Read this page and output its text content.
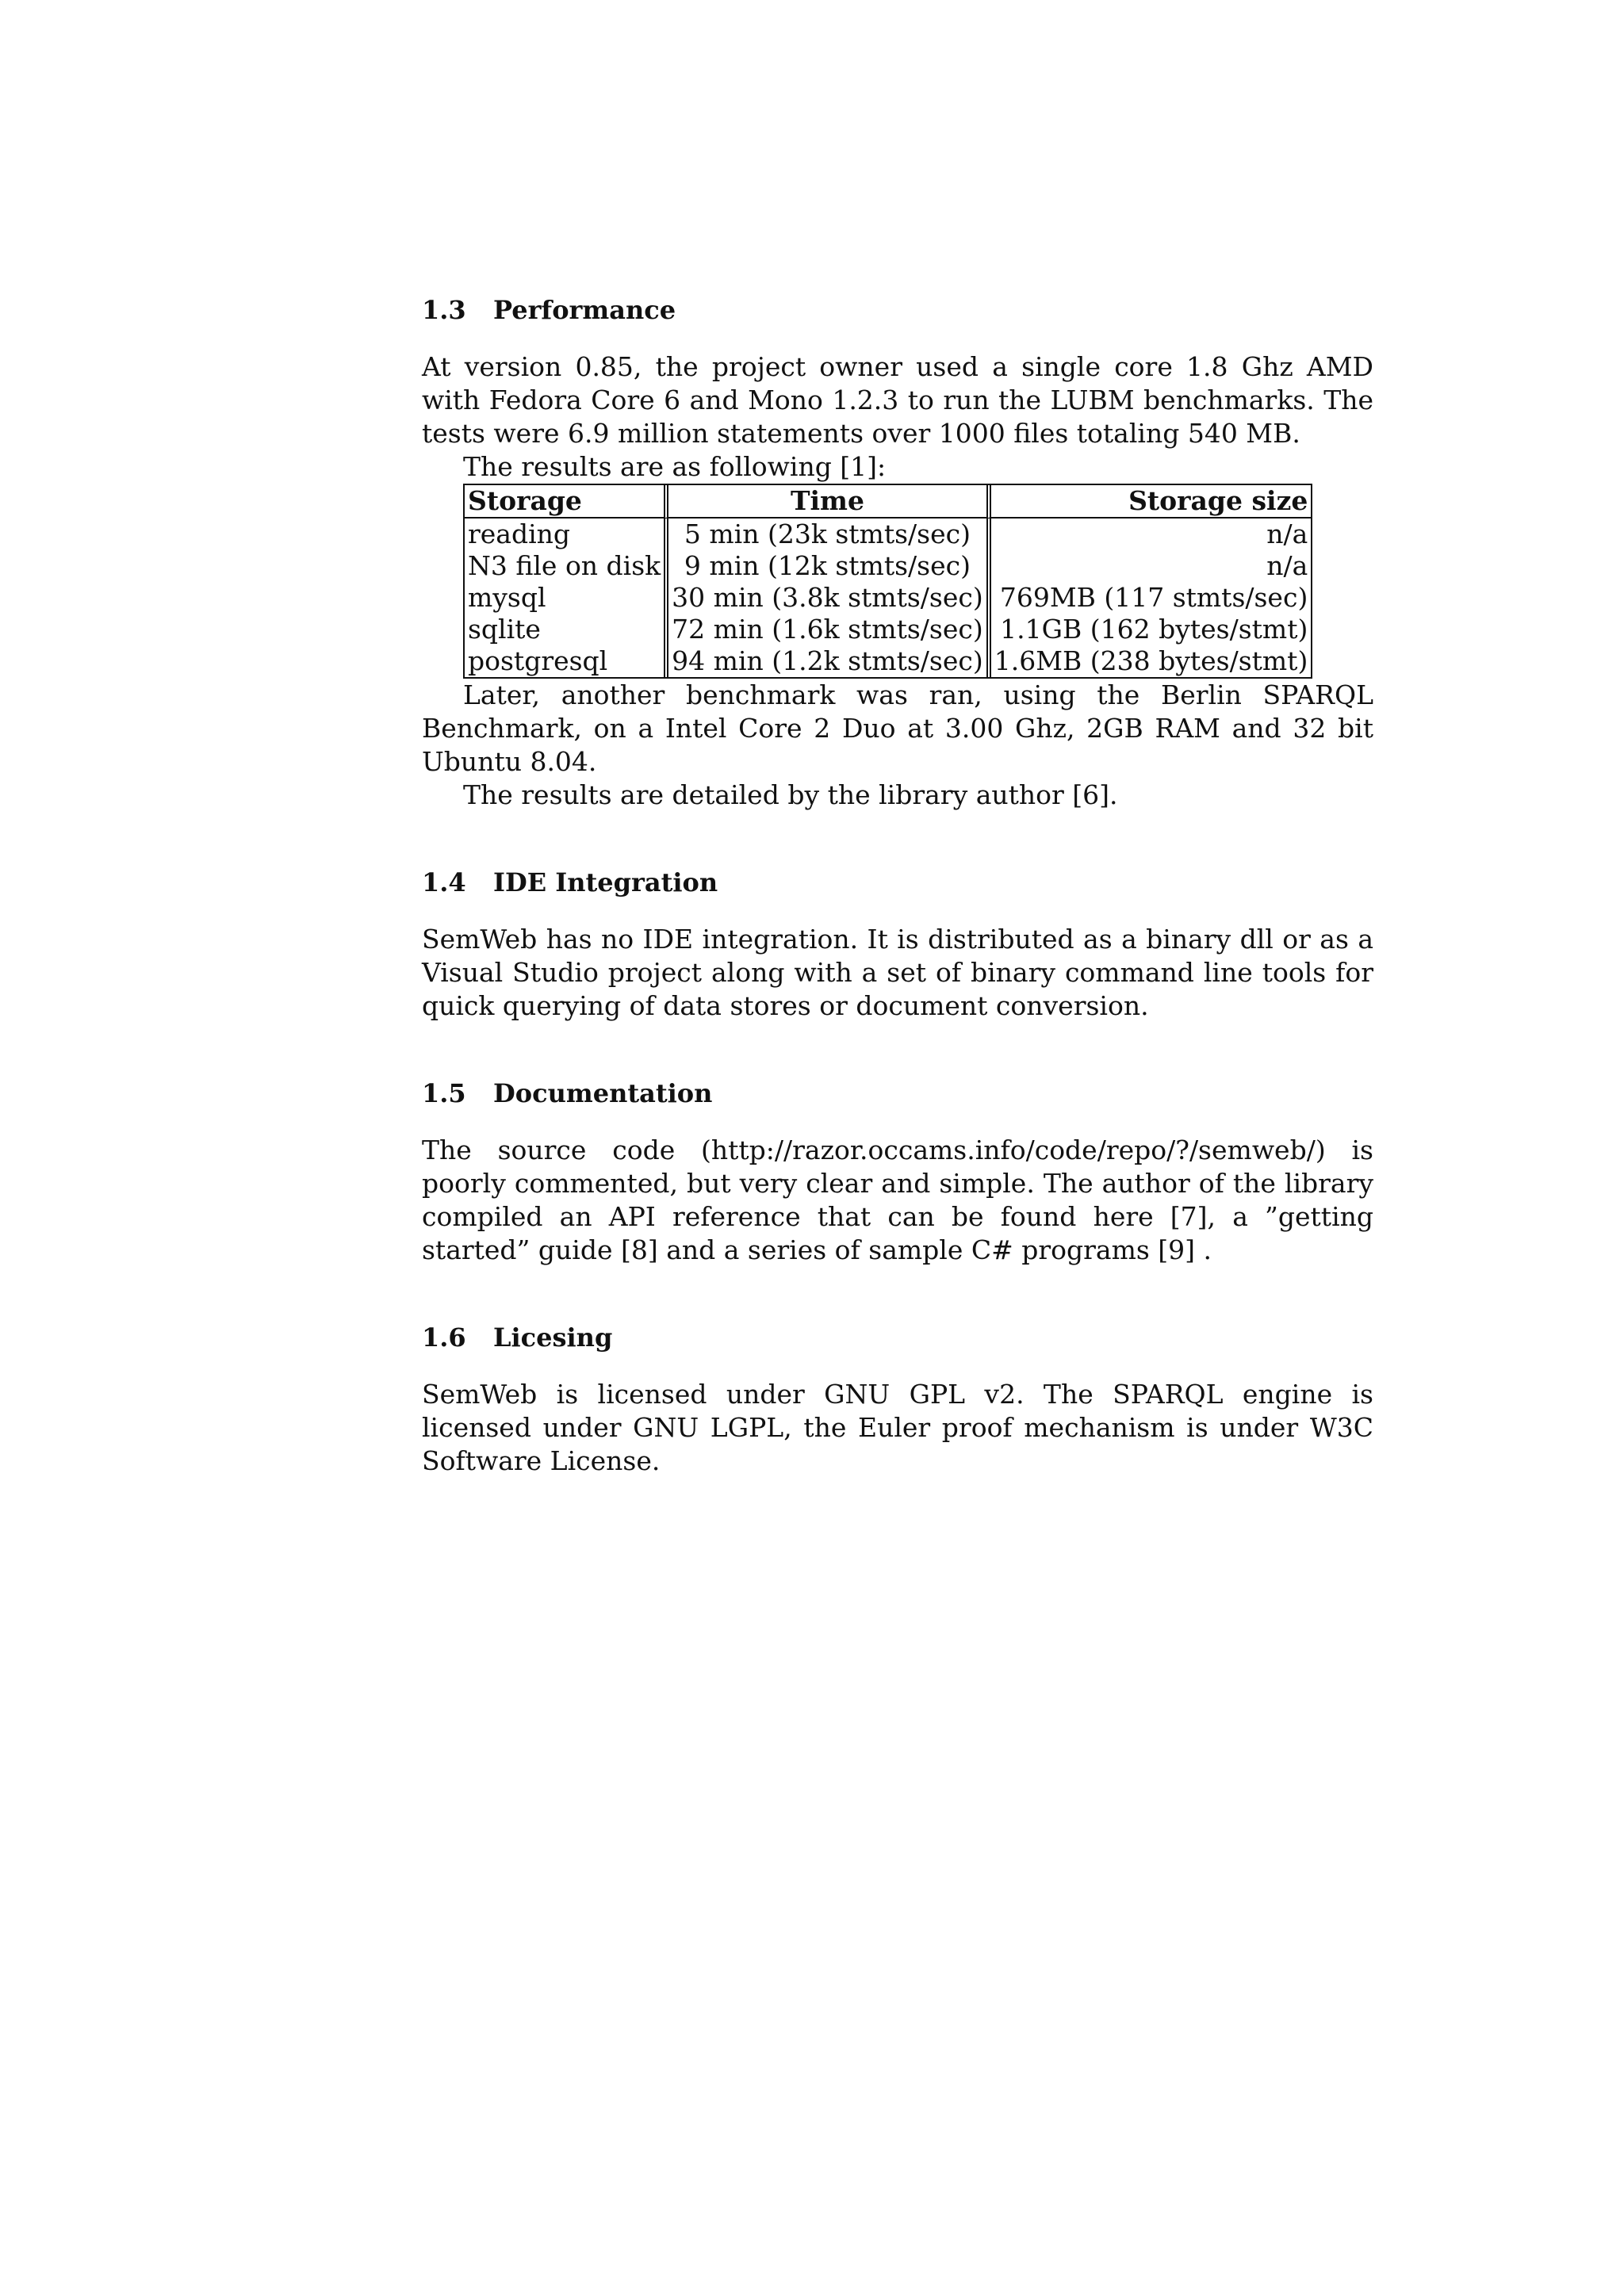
1.3 Performance

At version 0.85, the project owner used a single core 1.8 Ghz AMD with Fedora Core 6 and Mono 1.2.3 to run the LUBM benchmarks. The tests were 6.9 million statements over 1000 files totaling 540 MB.

The results are as following [1]:

Storage	Time	Storage size
reading	5 min (23k stmts/sec)	n/a
N3 file on disk	9 min (12k stmts/sec)	n/a
mysql	30 min (3.8k stmts/sec)	769MB (117 stmts/sec)
sqlite	72 min (1.6k stmts/sec)	1.1GB (162 bytes/stmt)
postgresql	94 min (1.2k stmts/sec)	1.6MB (238 bytes/stmt)

Later, another benchmark was ran, using the Berlin SPARQL Benchmark, on a Intel Core 2 Duo at 3.00 Ghz, 2GB RAM and 32 bit Ubuntu 8.04.

The results are detailed by the library author [6].

1.4 IDE Integration

SemWeb has no IDE integration. It is distributed as a binary dll or as a Visual Studio project along with a set of binary command line tools for quick querying of data stores or document conversion.

1.5 Documentation

The source code (http://razor.occams.info/code/repo/?/semweb/) is poorly commented, but very clear and simple. The author of the library compiled an API reference that can be found here [7], a ”getting started” guide [8] and a series of sample C# programs [9] .

1.6 Licesing

SemWeb is licensed under GNU GPL v2. The SPARQL engine is licensed under GNU LGPL, the Euler proof mechanism is under W3C Software License.
